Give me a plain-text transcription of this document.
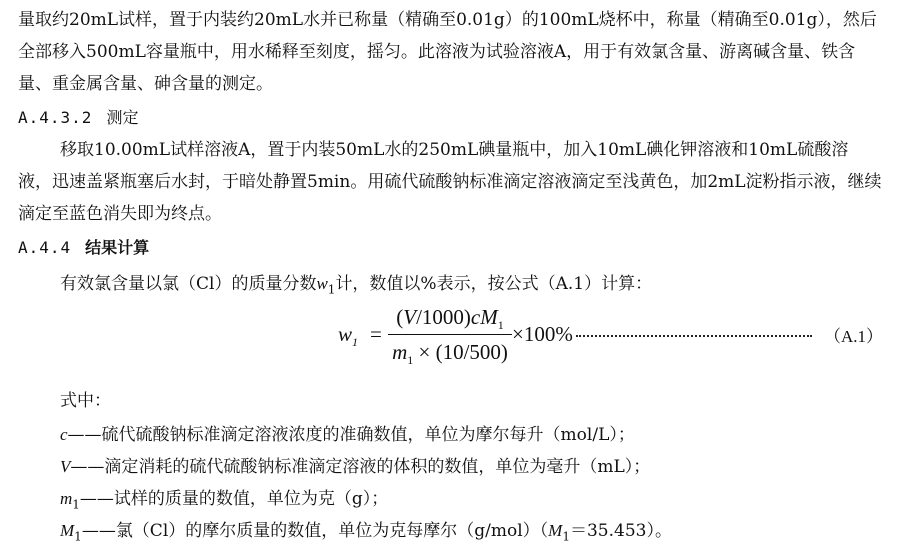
量取约20mL试样，置于内装约20mL水并已称量（精确至0.01g）的100mL烧杯中，称量（精确至0.01g），然后全部移入500mL容量瓶中，用水稀释至刻度，摇匀。此溶液为试验溶液A，用于有效氯含量、游离碱含量、铁含量、重金属含量、砷含量的测定。

A.4.3.2 测定

移取10.00mL试样溶液A，置于内装50mL水的250mL碘量瓶中，加入10mL碘化钾溶液和10mL硫酸溶液，迅速盖紧瓶塞后水封，于暗处静置5min。用硫代硫酸钠标准滴定溶液滴定至浅黄色，加2mL淀粉指示液，继续滴定至蓝色消失即为终点。

A.4.4 结果计算

有效氯含量以氯（Cl）的质量分数$w_1$计，数值以%表示，按公式（A.1）计算：

$w_1$ =
$(V/1000)cM_1$
$m_1 \times (10/500)$
×100%	（A.1）

式中：

c——硫代硫酸钠标准滴定溶液浓度的准确数值，单位为摩尔每升（mol/L）；

V——滴定消耗的硫代硫酸钠标准滴定溶液的体积的数值，单位为毫升（mL）；

$m_1——$试样的质量的数值，单位为克（g）；

$M_1——$氯（Cl）的摩尔质量的数值，单位为克每摩尔$(g/mol)(M_1=35.453)$。
